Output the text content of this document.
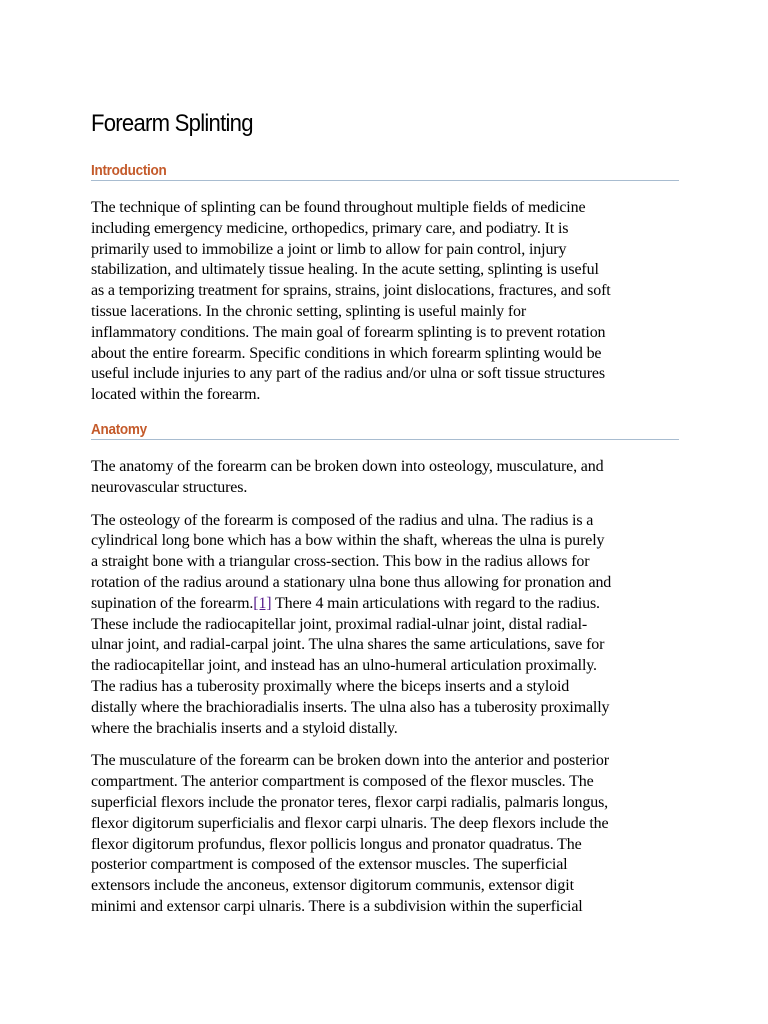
Forearm Splinting
Introduction

The technique of splinting can be found throughout multiple fields of medicine
including emergency medicine, orthopedics, primary care, and podiatry. It is
primarily used to immobilize a joint or limb to allow for pain control, injury
stabilization, and ultimately tissue healing. In the acute setting, splinting is useful
as a temporizing treatment for sprains, strains, joint dislocations, fractures, and soft
tissue lacerations. In the chronic setting, splinting is useful mainly for
inflammatory conditions. The main goal of forearm splinting is to prevent rotation
about the entire forearm. Specific conditions in which forearm splinting would be
useful include injuries to any part of the radius and/or ulna or soft tissue structures
located within the forearm.

Anatomy

The anatomy of the forearm can be broken down into osteology, musculature, and
neurovascular structures.

The osteology of the forearm is composed of the radius and ulna. The radius is a
cylindrical long bone which has a bow within the shaft, whereas the ulna is purely
a straight bone with a triangular cross-section. This bow in the radius allows for
rotation of the radius around a stationary ulna bone thus allowing for pronation and
supination of the forearm.[1] There 4 main articulations with regard to the radius.
These include the radiocapitellar joint, proximal radial-ulnar joint, distal radial-
ulnar joint, and radial-carpal joint. The ulna shares the same articulations, save for
the radiocapitellar joint, and instead has an ulno-humeral articulation proximally.
The radius has a tuberosity proximally where the biceps inserts and a styloid
distally where the brachioradialis inserts. The ulna also has a tuberosity proximally
where the brachialis inserts and a styloid distally.

The musculature of the forearm can be broken down into the anterior and posterior
compartment. The anterior compartment is composed of the flexor muscles. The
superficial flexors include the pronator teres, flexor carpi radialis, palmaris longus,
flexor digitorum superficialis and flexor carpi ulnaris. The deep flexors include the
flexor digitorum profundus, flexor pollicis longus and pronator quadratus. The
posterior compartment is composed of the extensor muscles. The superficial
extensors include the anconeus, extensor digitorum communis, extensor digit
minimi and extensor carpi ulnaris. There is a subdivision within the superficial
